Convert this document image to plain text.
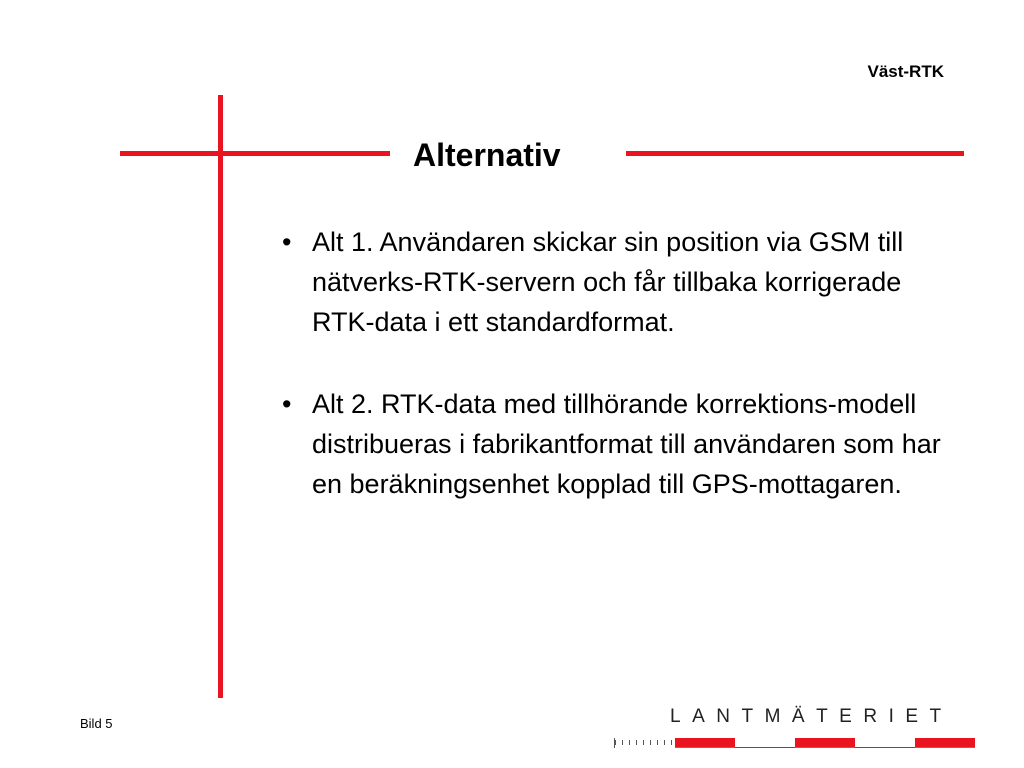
Väst-RTK
Alternativ
• Alt 1. Användaren skickar sin position via GSM till nätverks-RTK-servern och får tillbaka korrigerade RTK-data i ett standardformat.
• Alt 2. RTK-data med tillhörande korrektions-modell distribueras i fabrikantformat till användaren som har en beräkningsenhet kopplad till GPS-mottagaren.
Bild 5	LANTMÄTERIET
